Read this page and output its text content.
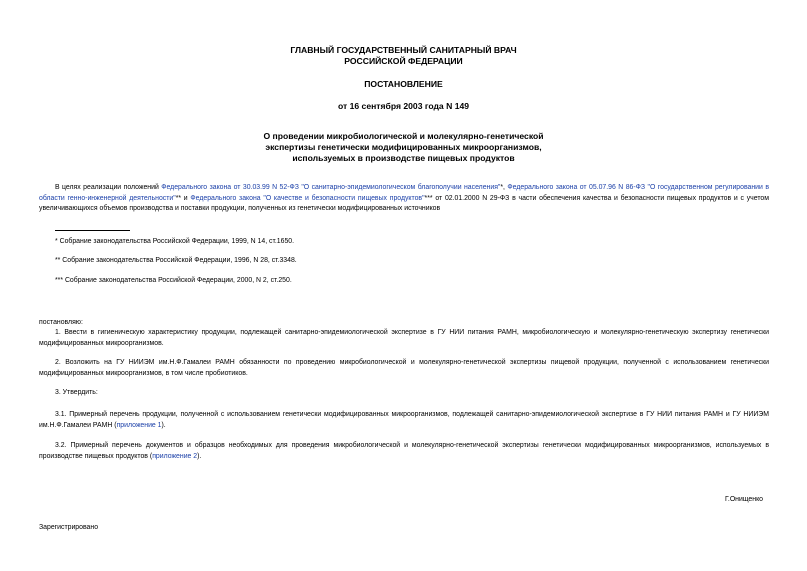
ГЛАВНЫЙ ГОСУДАРСТВЕННЫЙ САНИТАРНЫЙ ВРАЧ
РОССИЙСКОЙ ФЕДЕРАЦИИ
ПОСТАНОВЛЕНИЕ
от 16 сентября 2003 года N 149
О проведении микробиологической и молекулярно-генетической
экспертизы генетически модифицированных микроорганизмов,
используемых в производстве пищевых продуктов

В целях реализации положений Федерального закона от 30.03.99 N 52-ФЗ "О санитарно-эпидемиологическом благополучии населения"*, Федерального закона от 05.07.96 N 86-ФЗ "О государственном регулировании в области генно-инженерной деятельности"** и Федерального закона "О качестве и безопасности пищевых продуктов"*** от 02.01.2000 N 29-ФЗ в части обеспечения качества и безопасности пищевых продуктов и с учетом увеличивающихся объемов производства и поставки продукции, полученных из генетически модифицированных источников

* Собрание законодательства Российской Федерации, 1999, N 14, ст.1650.
** Собрание законодательства Российской Федерации, 1996, N 28, ст.3348.
*** Собрание законодательства Российской Федерации, 2000, N 2, ст.250.
постановляю:

1. Ввести в гигиеническую характеристику продукции, подлежащей санитарно-эпидемиологической экспертизе в ГУ НИИ питания РАМН, микробиологическую и молекулярно-генетическую экспертизу генетически модифицированных микроорганизмов.

2. Возложить на ГУ НИИЭМ им.Н.Ф.Гамалеи РАМН обязанности по проведению микробиологической и молекулярно-генетической экспертизы пищевой продукции, полученной с использованием генетически модифицированных микроорганизмов, в том числе пробиотиков.

3. Утвердить:

3.1. Примерный перечень продукции, полученной с использованием генетически модифицированных микроорганизмов, подлежащей санитарно-эпидемиологической экспертизе в ГУ НИИ питания РАМН и ГУ НИИЭМ им.Н.Ф.Гамалеи РАМН (приложение 1).

3.2. Примерный перечень документов и образцов необходимых для проведения микробиологической и молекулярно-генетической экспертизы генетически модифицированных микроорганизмов, используемых в производстве пищевых продуктов (приложение 2).

Г.Онищенко
Зарегистрировано
